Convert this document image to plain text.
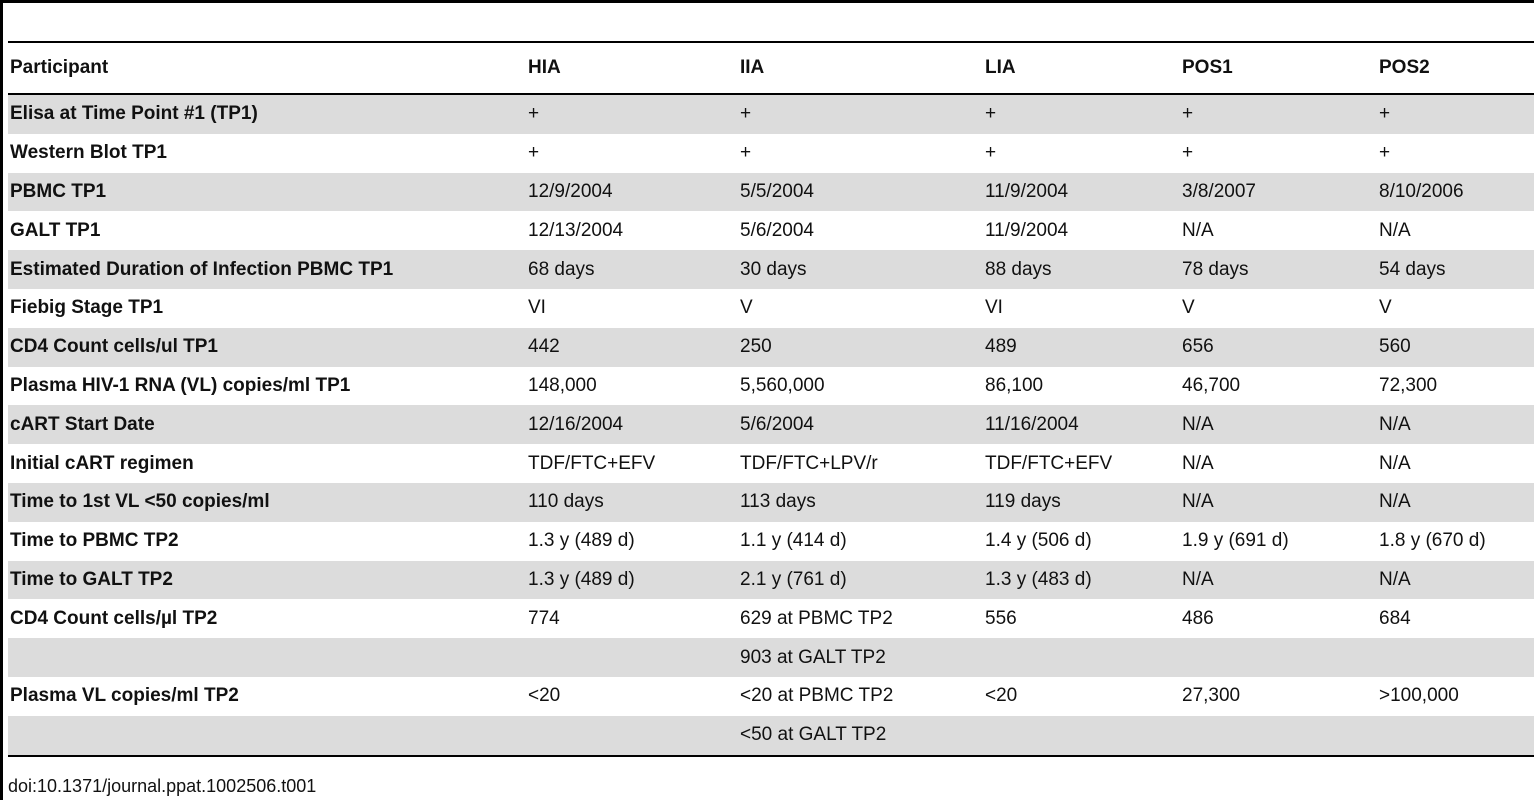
Participant	HIA	IIA	LIA	POS1	POS2
Elisa at Time Point #1 (TP1)	+	+	+	+	+
Western Blot TP1	+	+	+	+	+
PBMC TP1	12/9/2004	5/5/2004	11/9/2004	3/8/2007	8/10/2006
GALT TP1	12/13/2004	5/6/2004	11/9/2004	N/A	N/A
Estimated Duration of Infection PBMC TP1	68 days	30 days	88 days	78 days	54 days
Fiebig Stage TP1	VI	V	VI	V	V
CD4 Count cells/ul TP1	442	250	489	656	560
Plasma HIV-1 RNA (VL) copies/ml TP1	148,000	5,560,000	86,100	46,700	72,300
cART Start Date	12/16/2004	5/6/2004	11/16/2004	N/A	N/A
Initial cART regimen	TDF/FTC+EFV	TDF/FTC+LPV/r	TDF/FTC+EFV	N/A	N/A
Time to 1st VL <50 copies/ml	110 days	113 days	119 days	N/A	N/A
Time to PBMC TP2	1.3 y (489 d)	1.1 y (414 d)	1.4 y (506 d)	1.9 y (691 d)	1.8 y (670 d)
Time to GALT TP2	1.3 y (489 d)	2.1 y (761 d)	1.3 y (483 d)	N/A	N/A
CD4 Count cells/µl TP2	774	629 at PBMC TP2	556	486	684
		903 at GALT TP2			
Plasma VL copies/ml TP2	<20	<20 at PBMC TP2	<20	27,300	>100,000
		<50 at GALT TP2			
doi:10.1371/journal.ppat.1002506.t001
